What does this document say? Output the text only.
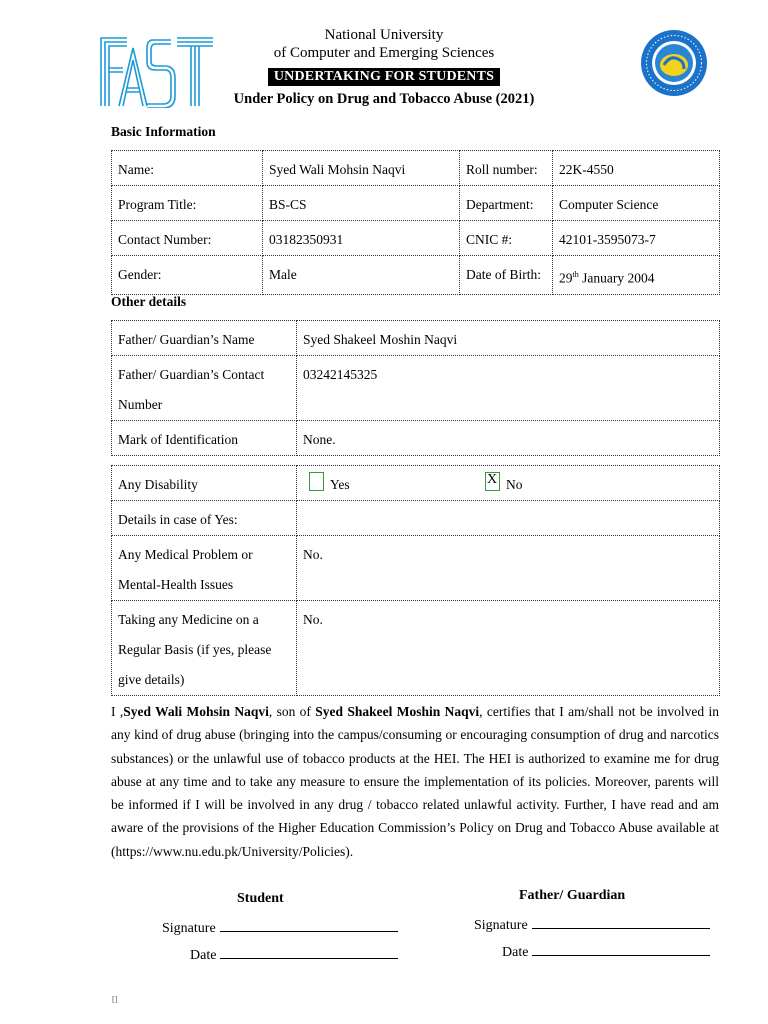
National University
of Computer and Emerging Sciences
UNDERTAKING FOR STUDENTS
Under Policy on Drug and Tobacco Abuse (2021)
Basic Information
Name:	Syed Wali Mohsin Naqvi	Roll number:	22K-4550
Program Title:	BS-CS	Department:	Computer Science
Contact Number:	03182350931	CNIC #:	42101-3595073-7
Gender:	Male	Date of Birth:	29th January 2004
Other details
Father/ Guardian’s Name	Syed Shakeel Moshin Naqvi

Father/ Guardian’s Contact
Number	03242145325
Mark of Identification	None.
Any Disability	Yes X No
Details in case of Yes:	

Any Medical Problem or
Mental-Health Issues	No.

Taking any Medicine on a
Regular Basis (if yes, please
give details)	No.
I ,Syed Wali Mohsin Naqvi, son of Syed Shakeel Moshin Naqvi, certifies that I am/shall not be involved in any kind of drug abuse (bringing into the campus/consuming or encouraging consumption of drug and narcotics substances) or the unlawful use of tobacco products at the HEI. The HEI is authorized to examine me for drug abuse at any time and to take any measure to ensure the implementation of its policies. Moreover, parents will be informed if I will be involved in any drug / tobacco related unlawful activity. Further, I have read and am aware of the provisions of the Higher Education Commission’s Policy on Drug and Tobacco Abuse available at (https://www.nu.edu.pk/University/Policies).
Student	Father/ Guardian
Signature
Date
Signature
Date
[]
